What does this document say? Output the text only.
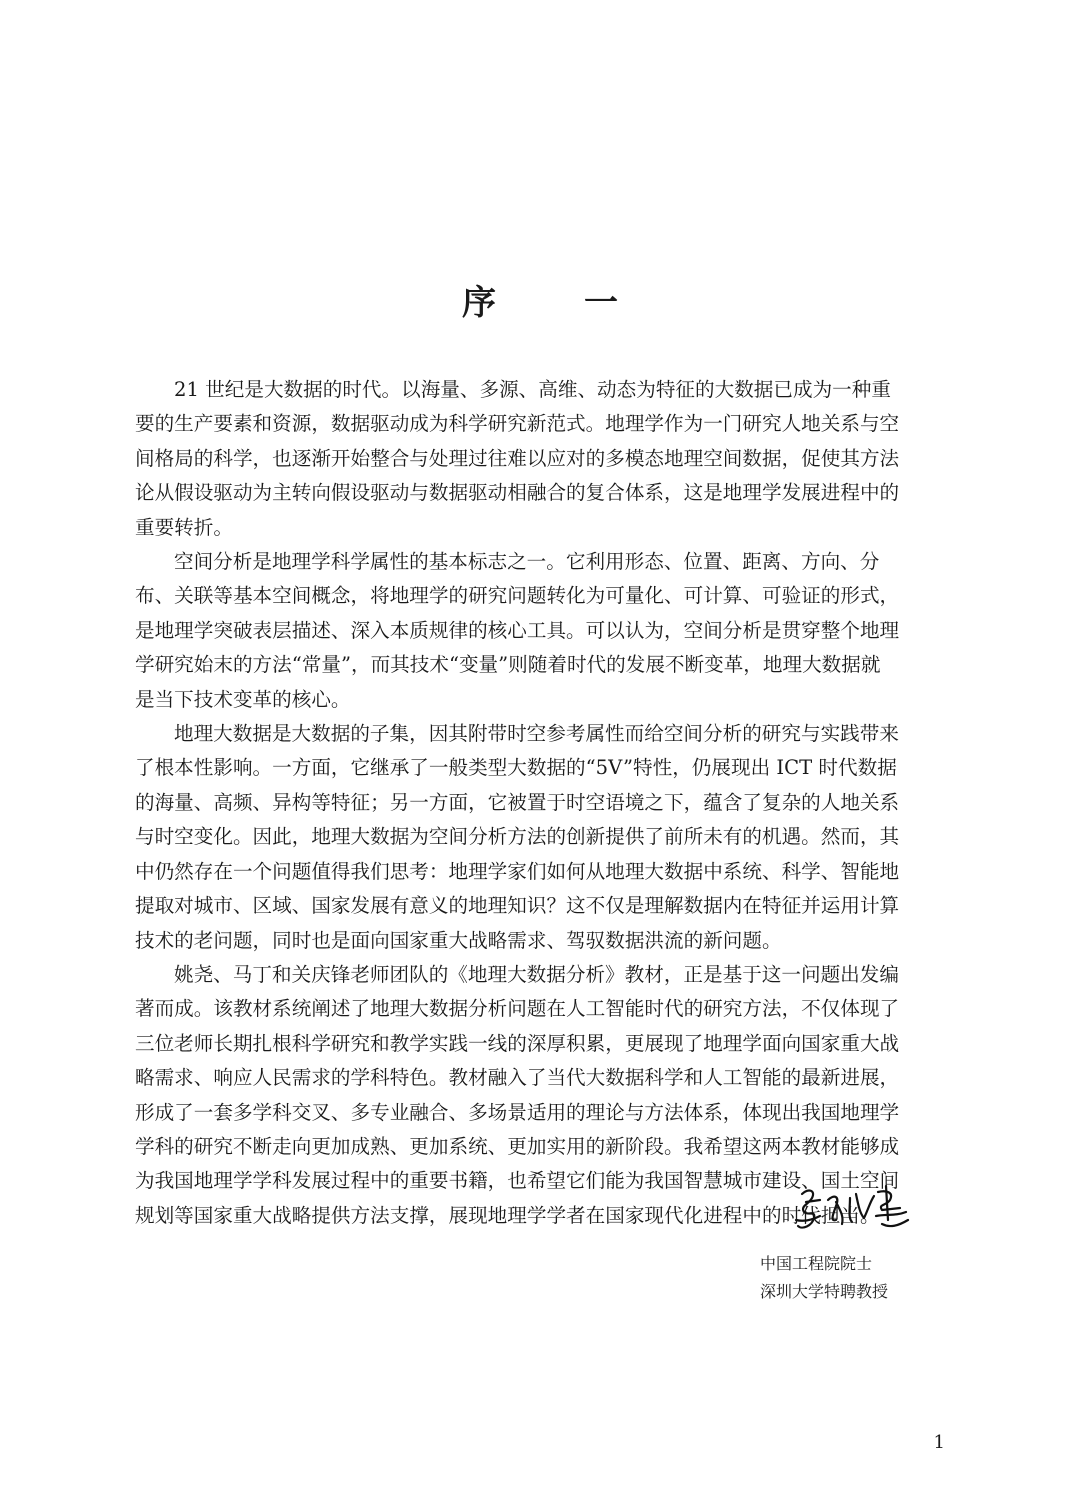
序	一

21 世纪是大数据的时代。以海量、多源、高维、动态为特征的大数据已成为一种重
要的生产要素和资源，数据驱动成为科学研究新范式。地理学作为一门研究人地关系与空
间格局的科学，也逐渐开始整合与处理过往难以应对的多模态地理空间数据，促使其方法
论从假设驱动为主转向假设驱动与数据驱动相融合的复合体系，这是地理学发展进程中的
重要转折。

空间分析是地理学科学属性的基本标志之一。它利用形态、位置、距离、方向、分
布、关联等基本空间概念，将地理学的研究问题转化为可量化、可计算、可验证的形式，
是地理学突破表层描述、深入本质规律的核心工具。可以认为，空间分析是贯穿整个地理
学研究始末的方法“常量”，而其技术“变量”则随着时代的发展不断变革，地理大数据就
是当下技术变革的核心。

地理大数据是大数据的子集，因其附带时空参考属性而给空间分析的研究与实践带来
了根本性影响。一方面，它继承了一般类型大数据的“5V”特性，仍展现出 ICT 时代数据
的海量、高频、异构等特征；另一方面，它被置于时空语境之下，蕴含了复杂的人地关系
与时空变化。因此，地理大数据为空间分析方法的创新提供了前所未有的机遇。然而，其
中仍然存在一个问题值得我们思考：地理学家们如何从地理大数据中系统、科学、智能地
提取对城市、区域、国家发展有意义的地理知识？这不仅是理解数据内在特征并运用计算
技术的老问题，同时也是面向国家重大战略需求、驾驭数据洪流的新问题。

姚尧、马丁和关庆锋老师团队的《地理大数据分析》教材，正是基于这一问题出发编
著而成。该教材系统阐述了地理大数据分析问题在人工智能时代的研究方法，不仅体现了
三位老师长期扎根科学研究和教学实践一线的深厚积累，更展现了地理学面向国家重大战
略需求、响应人民需求的学科特色。教材融入了当代大数据科学和人工智能的最新进展，
形成了一套多学科交叉、多专业融合、多场景适用的理论与方法体系，体现出我国地理学
学科的研究不断走向更加成熟、更加系统、更加实用的新阶段。我希望这两本教材能够成
为我国地理学学科发展过程中的重要书籍，也希望它们能为我国智慧城市建设、国土空间
规划等国家重大战略提供方法支撑，展现地理学学者在国家现代化进程中的时代担当。

中国工程院院士
深圳大学特聘教授
1
